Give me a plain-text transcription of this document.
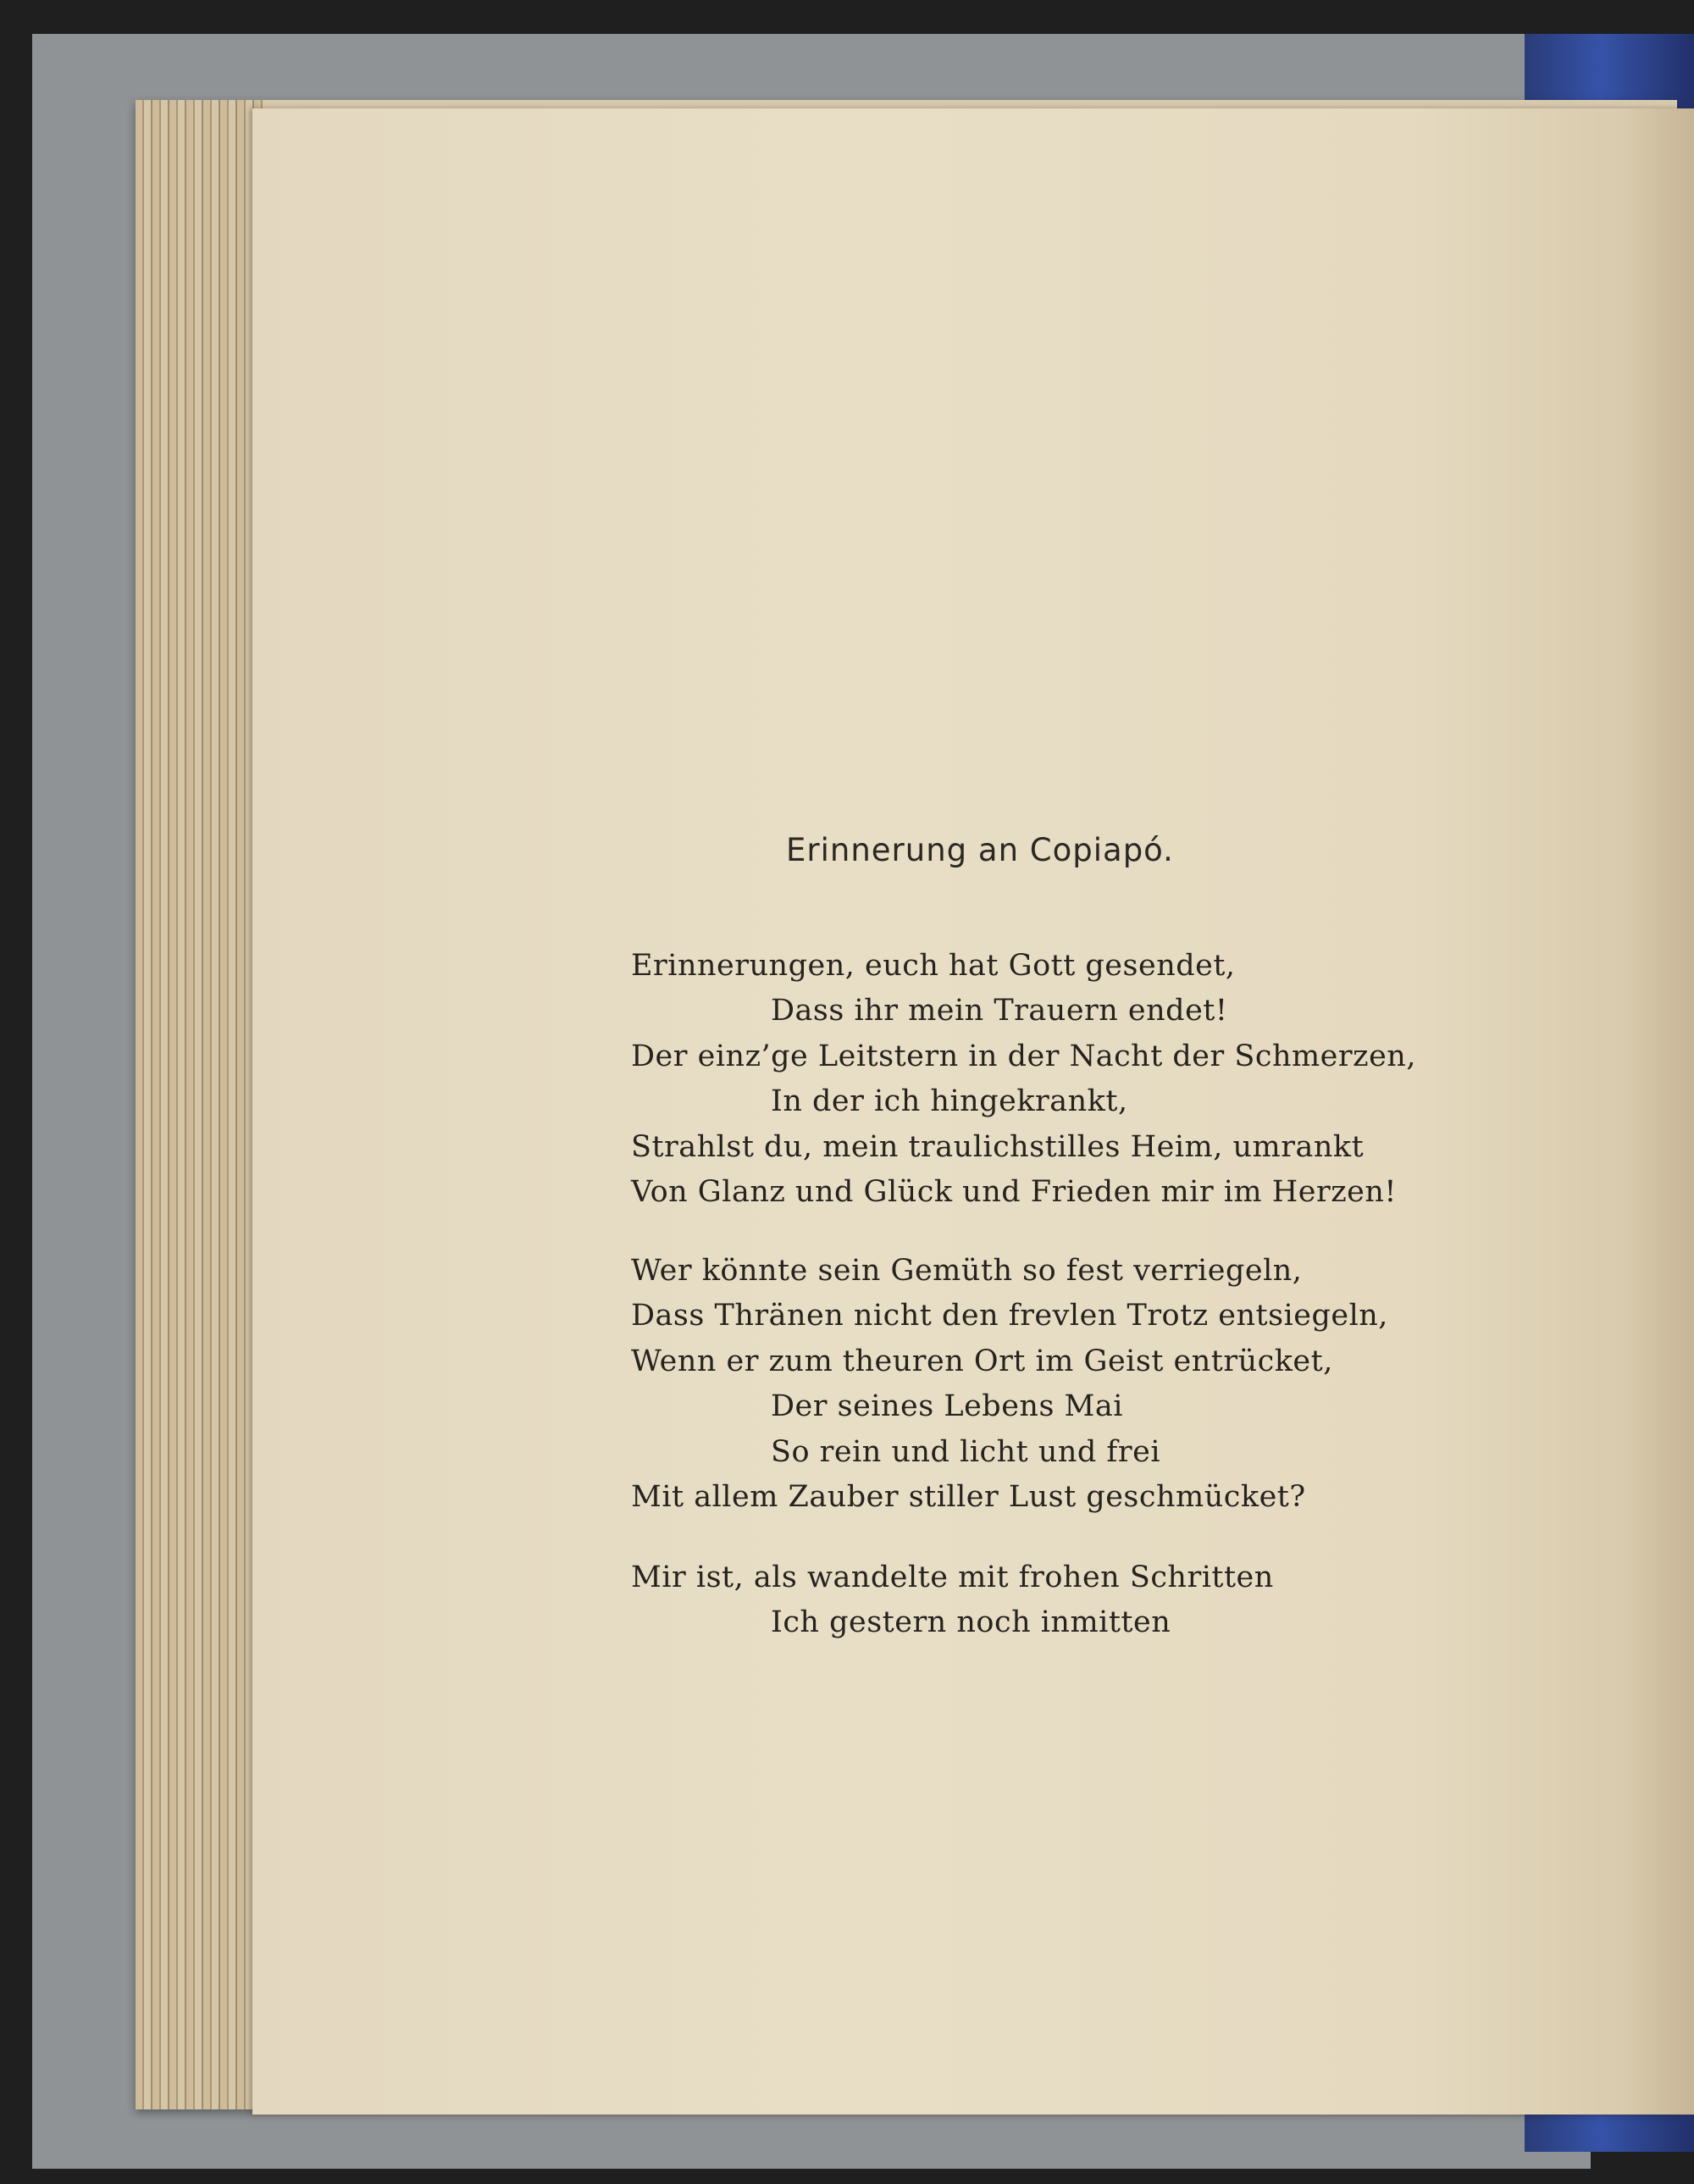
Erinnerung an Copiapó.
Erinnerungen, euch hat Gott gesendet,
Dass ihr mein Trauern endet!
Der einz’ge Leitstern in der Nacht der Schmerzen,
In der ich hingekrankt,
Strahlst du, mein traulichstilles Heim, umrankt
Von Glanz und Glück und Frieden mir im Herzen!
Wer könnte sein Gemüth so fest verriegeln,
Dass Thränen nicht den frevlen Trotz entsiegeln,
Wenn er zum theuren Ort im Geist entrücket,
Der seines Lebens Mai
So rein und licht und frei
Mit allem Zauber stiller Lust geschmücket?
Mir ist, als wandelte mit frohen Schritten
Ich gestern noch inmitten
